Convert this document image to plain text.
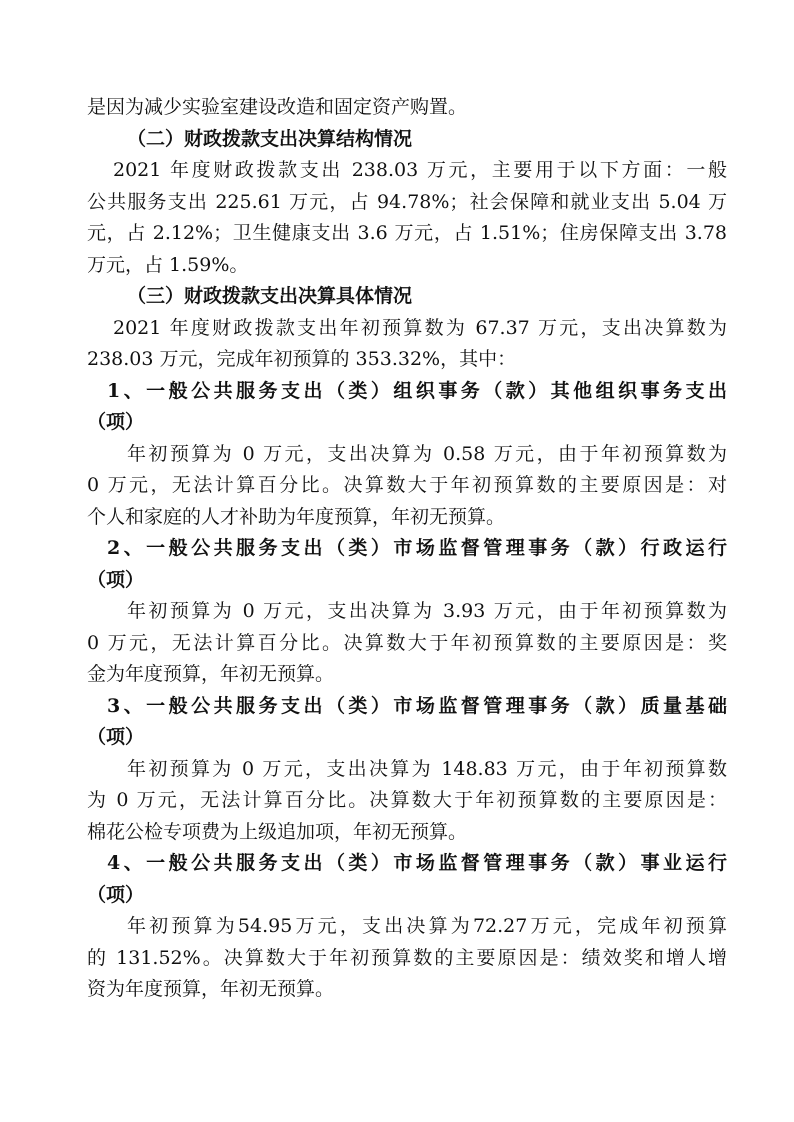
是因为减少实验室建设改造和固定资产购置。
（二）财政拨款支出决算结构情况
2021 年度财政拨款支出 238.03 万元，主要用于以下方面：一般
公共服务支出 225.61 万元，占 94.78%；社会保障和就业支出 5.04 万
元，占 2.12%；卫生健康支出 3.6 万元，占 1.51%；住房保障支出 3.78
万元，占 1.59%。
（三）财政拨款支出决算具体情况
2021 年度财政拨款支出年初预算数为 67.37 万元，支出决算数为
238.03 万元，完成年初预算的 353.32%，其中：
1、一般公共服务支出（类）组织事务（款）其他组织事务支出
（项）
年初预算为 0 万元，支出决算为 0.58 万元，由于年初预算数为
0 万元，无法计算百分比。决算数大于年初预算数的主要原因是：对
个人和家庭的人才补助为年度预算，年初无预算。
2、一般公共服务支出（类）市场监督管理事务（款）行政运行
（项）
年初预算为 0 万元，支出决算为 3.93 万元，由于年初预算数为
0 万元，无法计算百分比。决算数大于年初预算数的主要原因是：奖
金为年度预算，年初无预算。
3、一般公共服务支出（类）市场监督管理事务（款）质量基础
（项）
年初预算为 0 万元，支出决算为 148.83 万元，由于年初预算数
为 0 万元，无法计算百分比。决算数大于年初预算数的主要原因是：
棉花公检专项费为上级追加项，年初无预算。
4、一般公共服务支出（类）市场监督管理事务（款）事业运行
（项）
年初预算为54.95万元，支出决算为72.27万元，完成年初预算
的 131.52%。决算数大于年初预算数的主要原因是：绩效奖和增人增
资为年度预算，年初无预算。
